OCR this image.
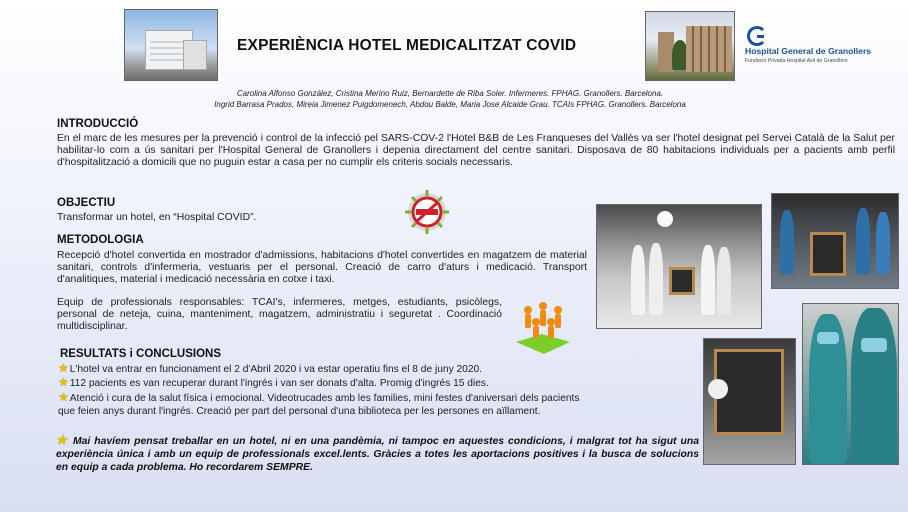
EXPERIÈNCIA HOTEL MEDICALITZAT COVID	Hospital General de Granollers
Fundació Privada Hospital Asil de Granollers
Carolina Alfonso González, Cristina Merino Ruiz, Bernardette de Riba Soler. Infermeres. FPHAG. Granollers. Barcelona.
Ingrid Barrasa Prados, Mireia Jimenez Puigdomenech, Abdou Balde, Maria Jose Alcaide Grau. TCAIs FPHAG. Granollers. Barcelona
INTRODUCCIÓ
En el marc de les mesures per la prevenció i control de la infecció pel SARS-COV-2 l'Hotel B&B de Les Franqueses del Vallès va ser l'hotel designat pel Servei Català de la Salut per habilitar-lo com a ús sanitari per l'Hospital General de Granollers i depenia directament del centre sanitari. Disposava de 80 habitacions individuals per a pacients amb perfil d'hospitalització a domicili que no puguin estar a casa per no cumplir els criteris socials necessaris.
OBJECTIU
Transformar un hotel, en “Hospital COVID”.
METODOLOGIA
Recepció d'hotel convertida en mostrador d'admissions, habitacions d'hotel convertides en magatzem de material sanitari, controls d'infermeria, vestuaris per el personal. Creació de carro d'aturs i medicació. Transport d'analitiques, material i medicació necessària en cotxe i taxi.
Equip de professionals responsables: TCAI's, infermeres, metges, estudiants, psicòlegs, personal de neteja, cuina, manteniment, magatzem, administratiu i seguretat . Coordinació multidisciplinar.
RESULTATS i CONCLUSIONS
★L'hotel va entrar en funcionament el 2 d'Abril 2020 i va estar operatiu fins el 8 de juny 2020.
★112 pacients es van recuperar durant l'ingrés i van ser donats d'alta. Promig d'ingrés 15 dies.
★Atenció i cura de la salut física i emocional. Videotrucades amb les families, mini festes d'aniversari dels pacients
que feien anys durant l'ingrés. Creació per part del personal d'una biblioteca per les persones en aïllament.
★ Mai havíem pensat treballar en un hotel, ni en una pandèmia, ni tampoc en aquestes condicions, i malgrat tot ha sigut una experiència única i amb un equip de professionals excel.lents. Gràcies a totes les aportacions positives i la busca de solucions en equip a cada problema. Ho recordarem SEMPRE.
